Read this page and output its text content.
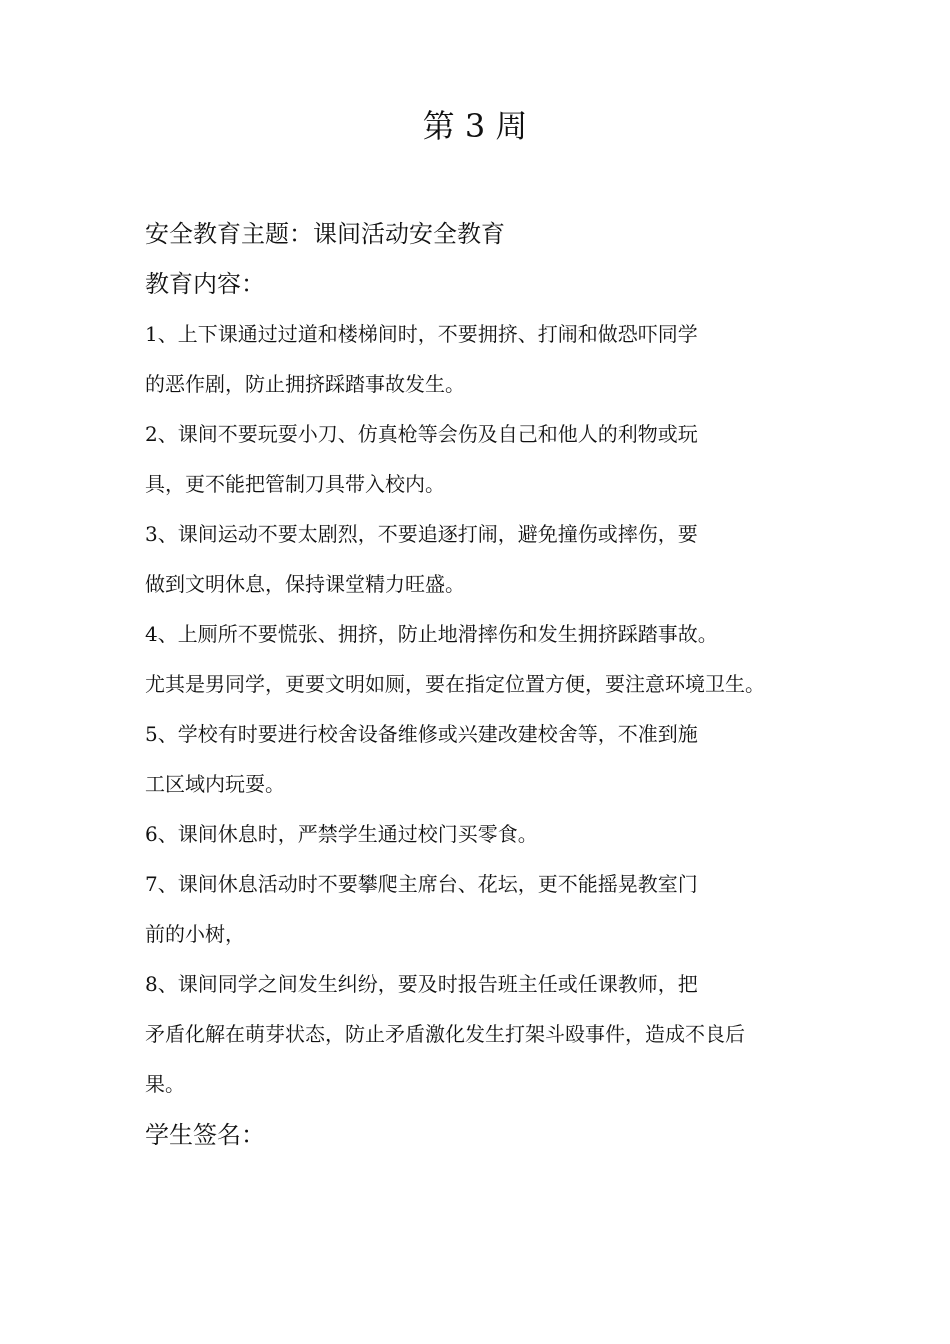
第 3 周
安全教育主题：课间活动安全教育
教育内容：
1、上下课通过过道和楼梯间时，不要拥挤、打闹和做恐吓同学
的恶作剧，防止拥挤踩踏事故发生。
2、课间不要玩耍小刀、仿真枪等会伤及自己和他人的利物或玩
具，更不能把管制刀具带入校内。
3、课间运动不要太剧烈，不要追逐打闹，避免撞伤或摔伤，要
做到文明休息，保持课堂精力旺盛。
4、上厕所不要慌张、拥挤，防止地滑摔伤和发生拥挤踩踏事故。
尤其是男同学，更要文明如厕，要在指定位置方便，要注意环境卫生。
5、学校有时要进行校舍设备维修或兴建改建校舍等，不准到施
工区域内玩耍。
6、课间休息时，严禁学生通过校门买零食。
7、课间休息活动时不要攀爬主席台、花坛，更不能摇晃教室门
前的小树，
8、课间同学之间发生纠纷，要及时报告班主任或任课教师，把
矛盾化解在萌芽状态，防止矛盾激化发生打架斗殴事件，造成不良后
果。
学生签名：
